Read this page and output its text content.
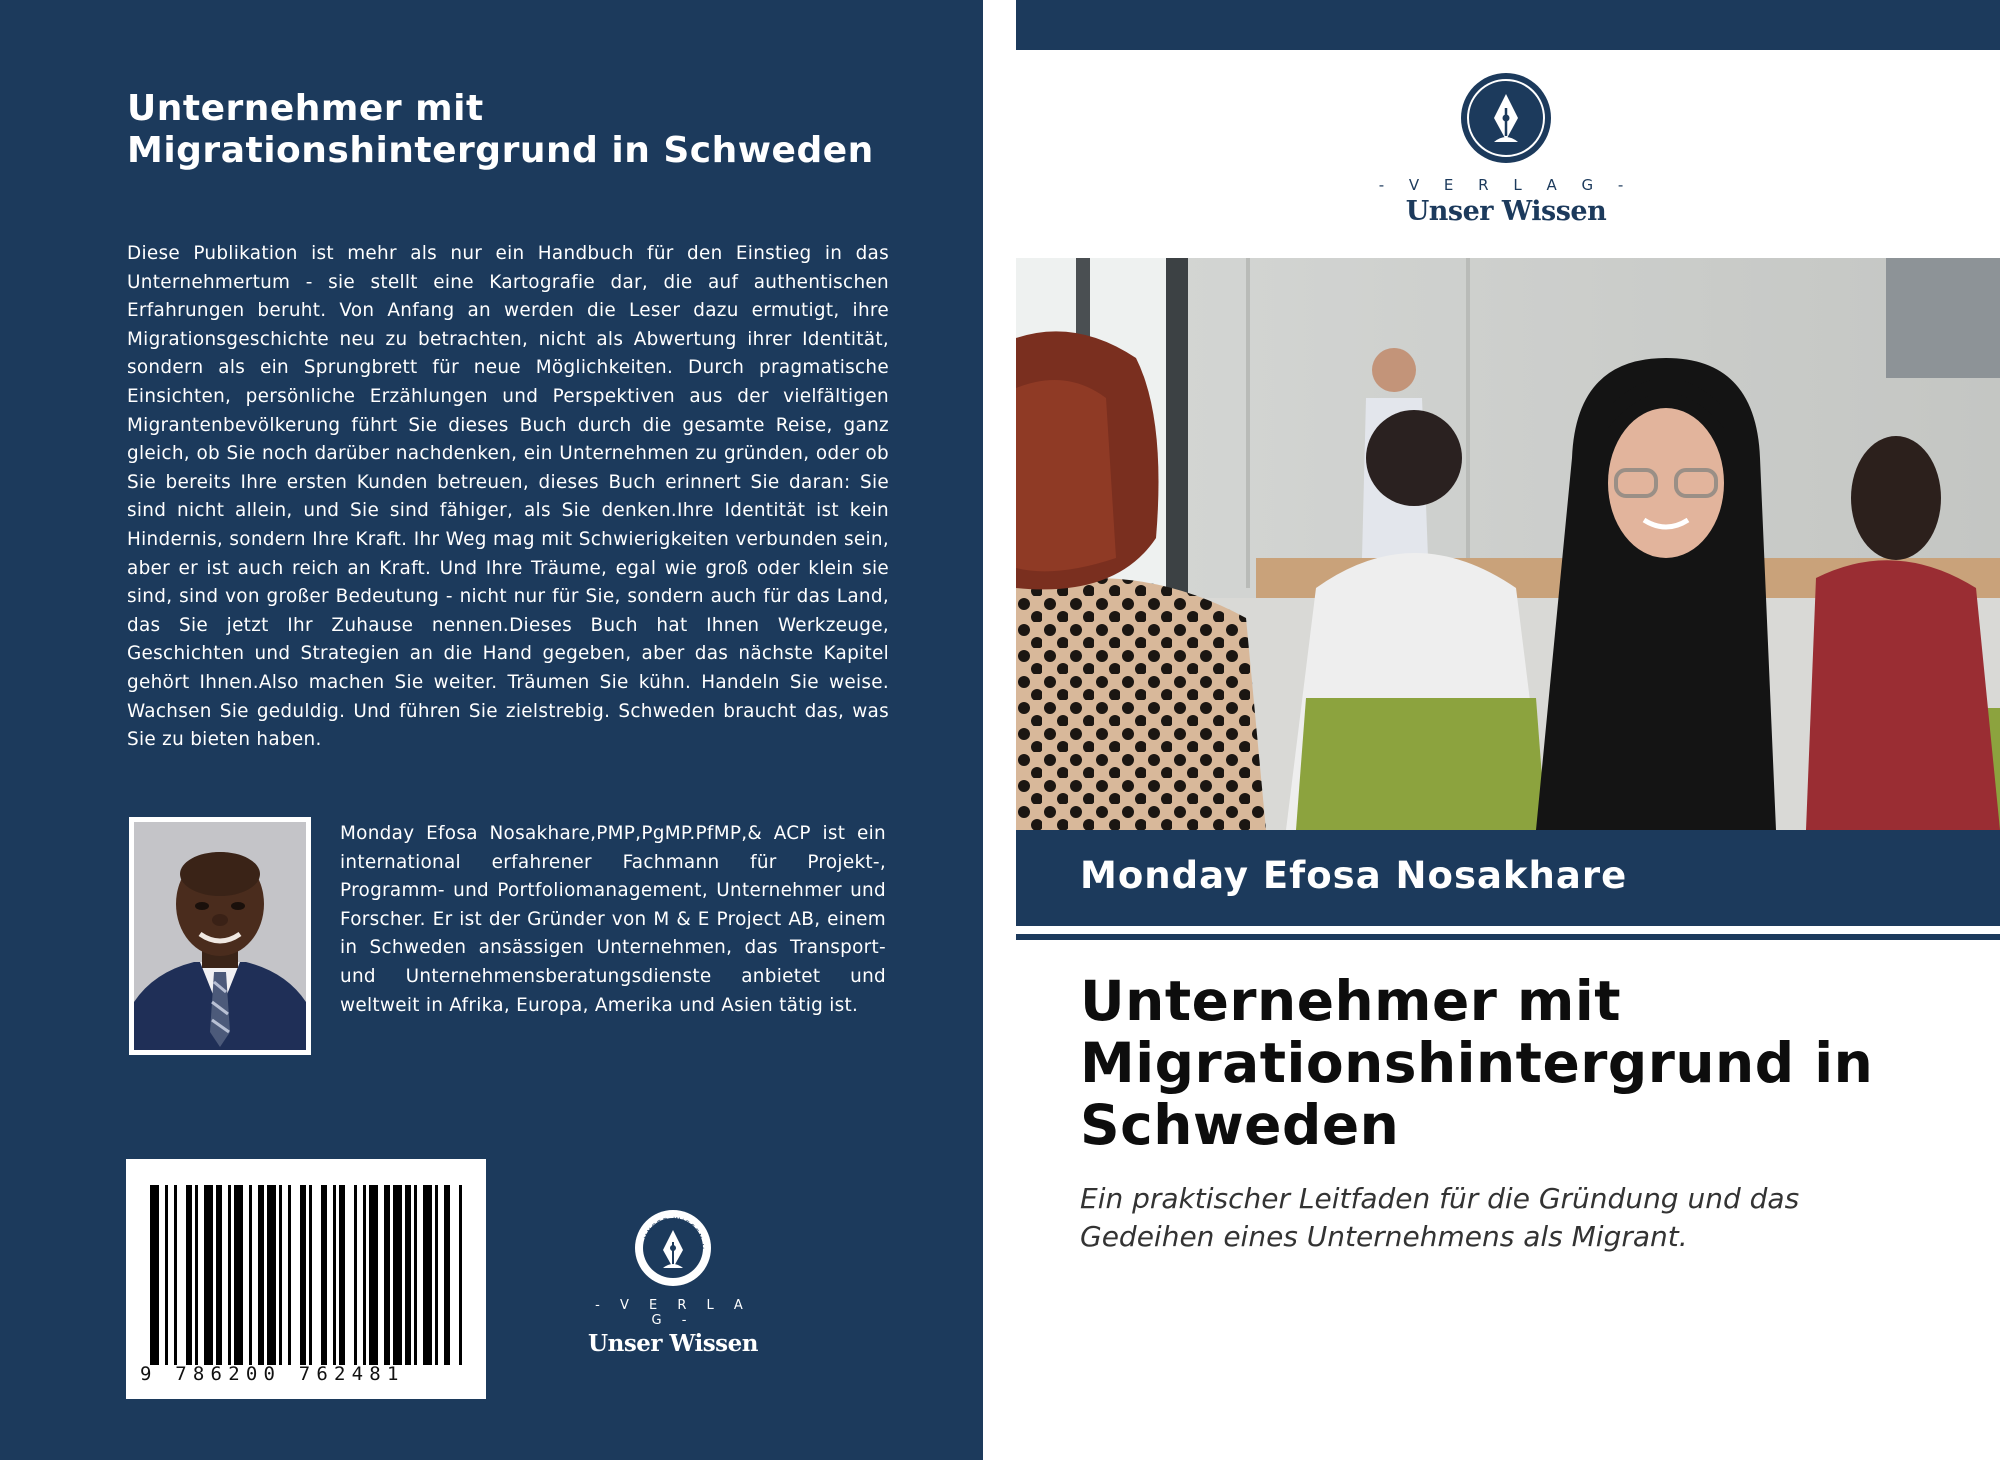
Unternehmer mit Migrationshintergrund in Schweden

Diese Publikation ist mehr als nur ein Handbuch für den Einstieg in das Unternehmertum - sie stellt eine Kartografie dar, die auf authentischen Erfahrungen beruht. Von Anfang an werden die Leser dazu ermutigt, ihre Migrationsgeschichte neu zu betrachten, nicht als Abwertung ihrer Identität, sondern als ein Sprungbrett für neue Möglichkeiten. Durch pragmatische Einsichten, persönliche Erzählungen und Perspektiven aus der vielfältigen Migrantenbevölkerung führt Sie dieses Buch durch die gesamte Reise, ganz gleich, ob Sie noch darüber nachdenken, ein Unternehmen zu gründen, oder ob Sie bereits Ihre ersten Kunden betreuen, dieses Buch erinnert Sie daran: Sie sind nicht allein, und Sie sind fähiger, als Sie denken.Ihre Identität ist kein Hindernis, sondern Ihre Kraft. Ihr Weg mag mit Schwierigkeiten verbunden sein, aber er ist auch reich an Kraft. Und Ihre Träume, egal wie groß oder klein sie sind, sind von großer Bedeutung - nicht nur für Sie, sondern auch für das Land, das Sie jetzt Ihr Zuhause nennen.Dieses Buch hat Ihnen Werkzeuge, Geschichten und Strategien an die Hand gegeben, aber das nächste Kapitel gehört Ihnen.Also machen Sie weiter. Träumen Sie kühn. Handeln Sie weise. Wachsen Sie geduldig. Und führen Sie zielstrebig. Schweden braucht das, was Sie zu bieten haben.

Monday Efosa Nosakhare,PMP,PgMP.PfMP,& ACP ist ein international erfahrener Fachmann für Projekt-, Programm- und Portfoliomanagement, Unternehmer und Forscher. Er ist der Gründer von M & E Project AB, einem in Schweden ansässigen Unternehmen, das Transport- und Unternehmensberatungsdienste anbietet und weltweit in Afrika, Europa, Amerika und Asien tätig ist.

9 786200 762481
UNSER WISSEN V
- V E R L A G -
Unser Wissen
- V E R L A G -
Unser Wissen
Monday Efosa Nosakhare
Unternehmer mit Migrationshintergrund in Schweden

Ein praktischer Leitfaden für die Gründung und das Gedeihen eines Unternehmens als Migrant.
